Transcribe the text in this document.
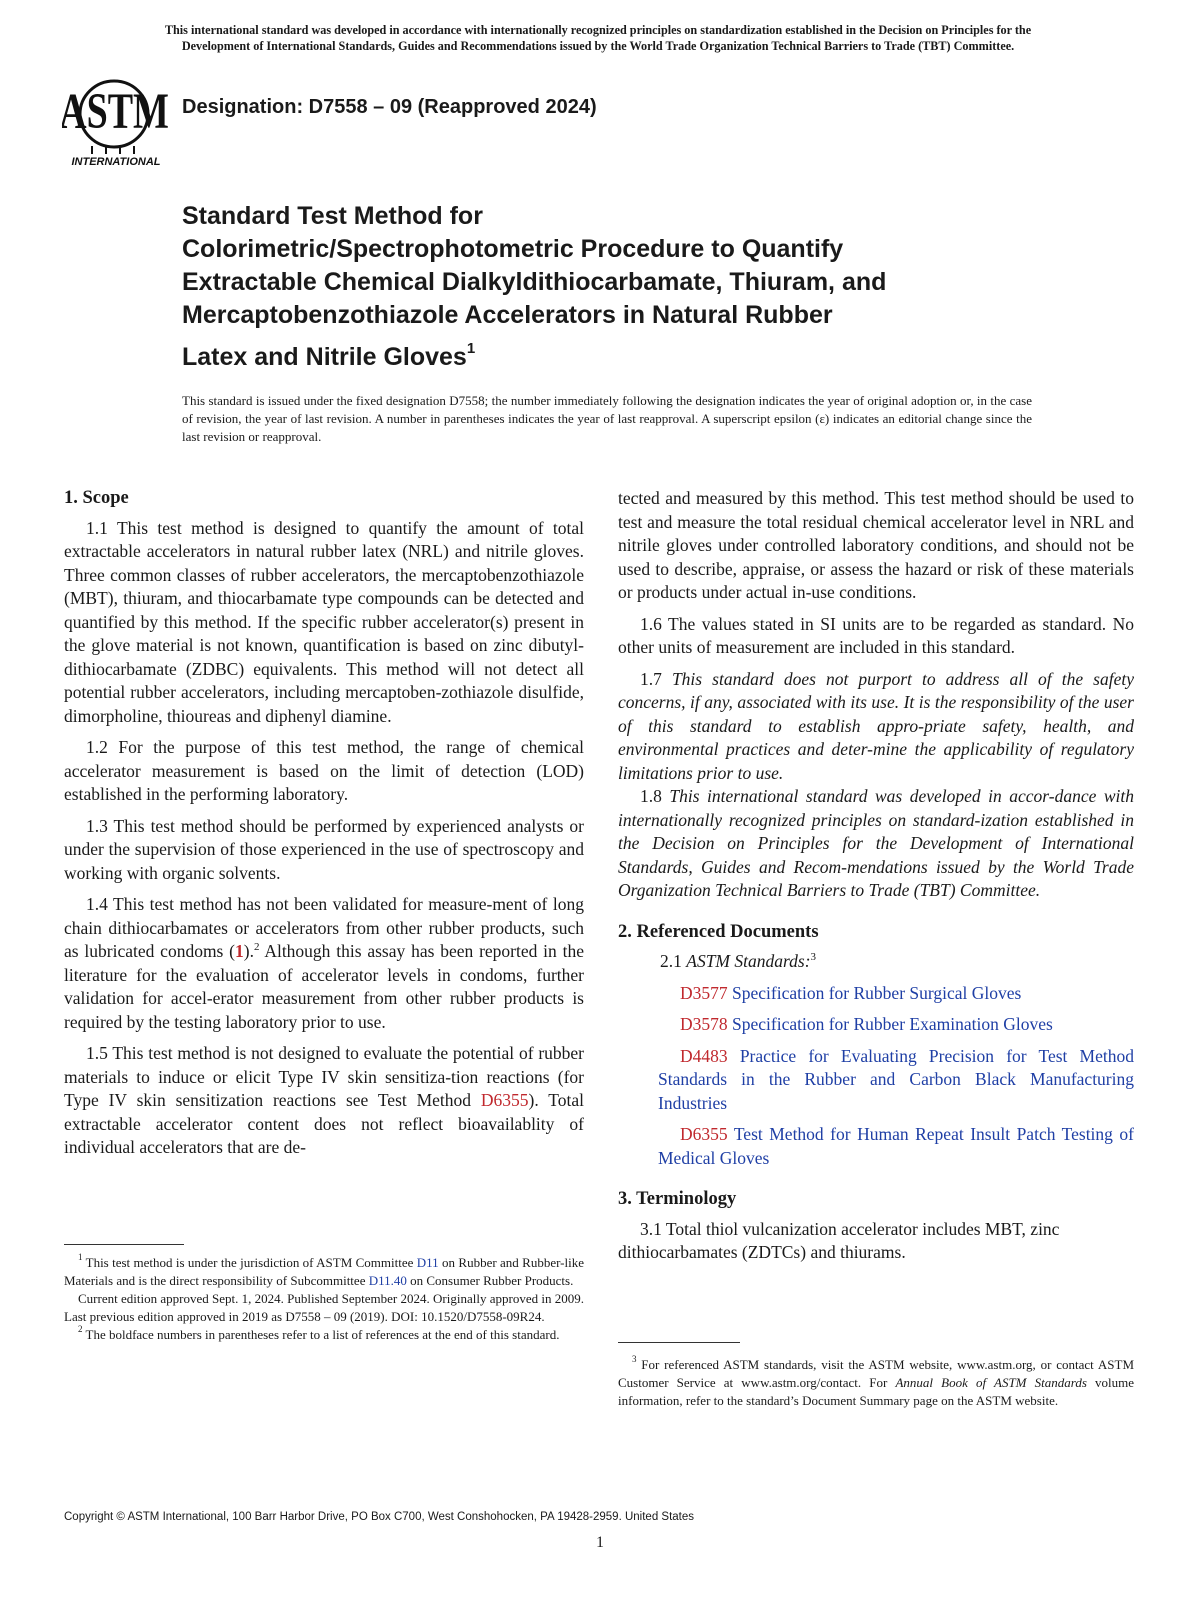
This international standard was developed in accordance with internationally recognized principles on standardization established in the Decision on Principles for the
Development of International Standards, Guides and Recommendations issued by the World Trade Organization Technical Barriers to Trade (TBT) Committee.
ASTM
INTERNATIONAL
Designation: D7558 – 09 (Reapproved 2024)
Standard Test Method for
Colorimetric/Spectrophotometric Procedure to Quantify
Extractable Chemical Dialkyldithiocarbamate, Thiuram, and
Mercaptobenzothiazole Accelerators in Natural Rubber
Latex and Nitrile Gloves$^1$
This standard is issued under the fixed designation D7558; the number immediately following the designation indicates the year of original adoption or, in the case of revision, the year of last revision. A number in parentheses indicates the year of last reapproval. A superscript epsilon (ε) indicates an editorial change since the last revision or reapproval.
1. Scope

1.1 This test method is designed to quantify the amount of total extractable accelerators in natural rubber latex (NRL) and nitrile gloves. Three common classes of rubber accelerators, the mercaptobenzothiazole (MBT), thiuram, and thiocarbamate type compounds can be detected and quantified by this method. If the specific rubber accelerator(s) present in the glove material is not known, quantification is based on zinc dibutyl-dithiocarbamate (ZDBC) equivalents. This method will not detect all potential rubber accelerators, including mercaptoben-zothiazole disulfide, dimorpholine, thioureas and diphenyl diamine.

1.2 For the purpose of this test method, the range of chemical accelerator measurement is based on the limit of detection (LOD) established in the performing laboratory.

1.3 This test method should be performed by experienced analysts or under the supervision of those experienced in the use of spectroscopy and working with organic solvents.

1.4 This test method has not been validated for measure-ment of long chain dithiocarbamates or accelerators from other rubber products, such as lubricated condoms (1).$^2$ Although this assay has been reported in the literature for the evaluation of accelerator levels in condoms, further validation for accel-erator measurement from other rubber products is required by the testing laboratory prior to use.

1.5 This test method is not designed to evaluate the potential of rubber materials to induce or elicit Type IV skin sensitiza-tion reactions (for Type IV skin sensitization reactions see Test Method D6355). Total extractable accelerator content does not reflect bioavailablity of individual accelerators that are de-

$^1$ This test method is under the jurisdiction of ASTM Committee D11 on Rubber and Rubber-like Materials and is the direct responsibility of Subcommittee D11.40 on Consumer Rubber Products.

Current edition approved Sept. 1, 2024. Published September 2024. Originally approved in 2009. Last previous edition approved in 2019 as D7558 – 09 (2019). DOI: 10.1520/D7558-09R24.

$^2$ The boldface numbers in parentheses refer to a list of references at the end of this standard.

tected and measured by this method. This test method should be used to test and measure the total residual chemical accelerator level in NRL and nitrile gloves under controlled laboratory conditions, and should not be used to describe, appraise, or assess the hazard or risk of these materials or products under actual in-use conditions.

1.6 The values stated in SI units are to be regarded as standard. No other units of measurement are included in this standard.

1.7 This standard does not purport to address all of the safety concerns, if any, associated with its use. It is the responsibility of the user of this standard to establish appro-priate safety, health, and environmental practices and deter-mine the applicability of regulatory limitations prior to use.

1.8 This international standard was developed in accor-dance with internationally recognized principles on standard-ization established in the Decision on Principles for the Development of International Standards, Guides and Recom-mendations issued by the World Trade Organization Technical Barriers to Trade (TBT) Committee.

2. Referenced Documents

2.1 ASTM Standards:$^3$

D3577 Specification for Rubber Surgical Gloves

D3578 Specification for Rubber Examination Gloves

D4483 Practice for Evaluating Precision for Test Method Standards in the Rubber and Carbon Black Manufacturing Industries

D6355 Test Method for Human Repeat Insult Patch Testing of Medical Gloves

3. Terminology

3.1 Total thiol vulcanization accelerator includes MBT, zinc dithiocarbamates (ZDTCs) and thiurams.

$^3$ For referenced ASTM standards, visit the ASTM website, www.astm.org, or contact ASTM Customer Service at www.astm.org/contact. For Annual Book of ASTM Standards volume information, refer to the standard’s Document Summary page on the ASTM website.

Copyright © ASTM International, 100 Barr Harbor Drive, PO Box C700, West Conshohocken, PA 19428-2959. United States
1
